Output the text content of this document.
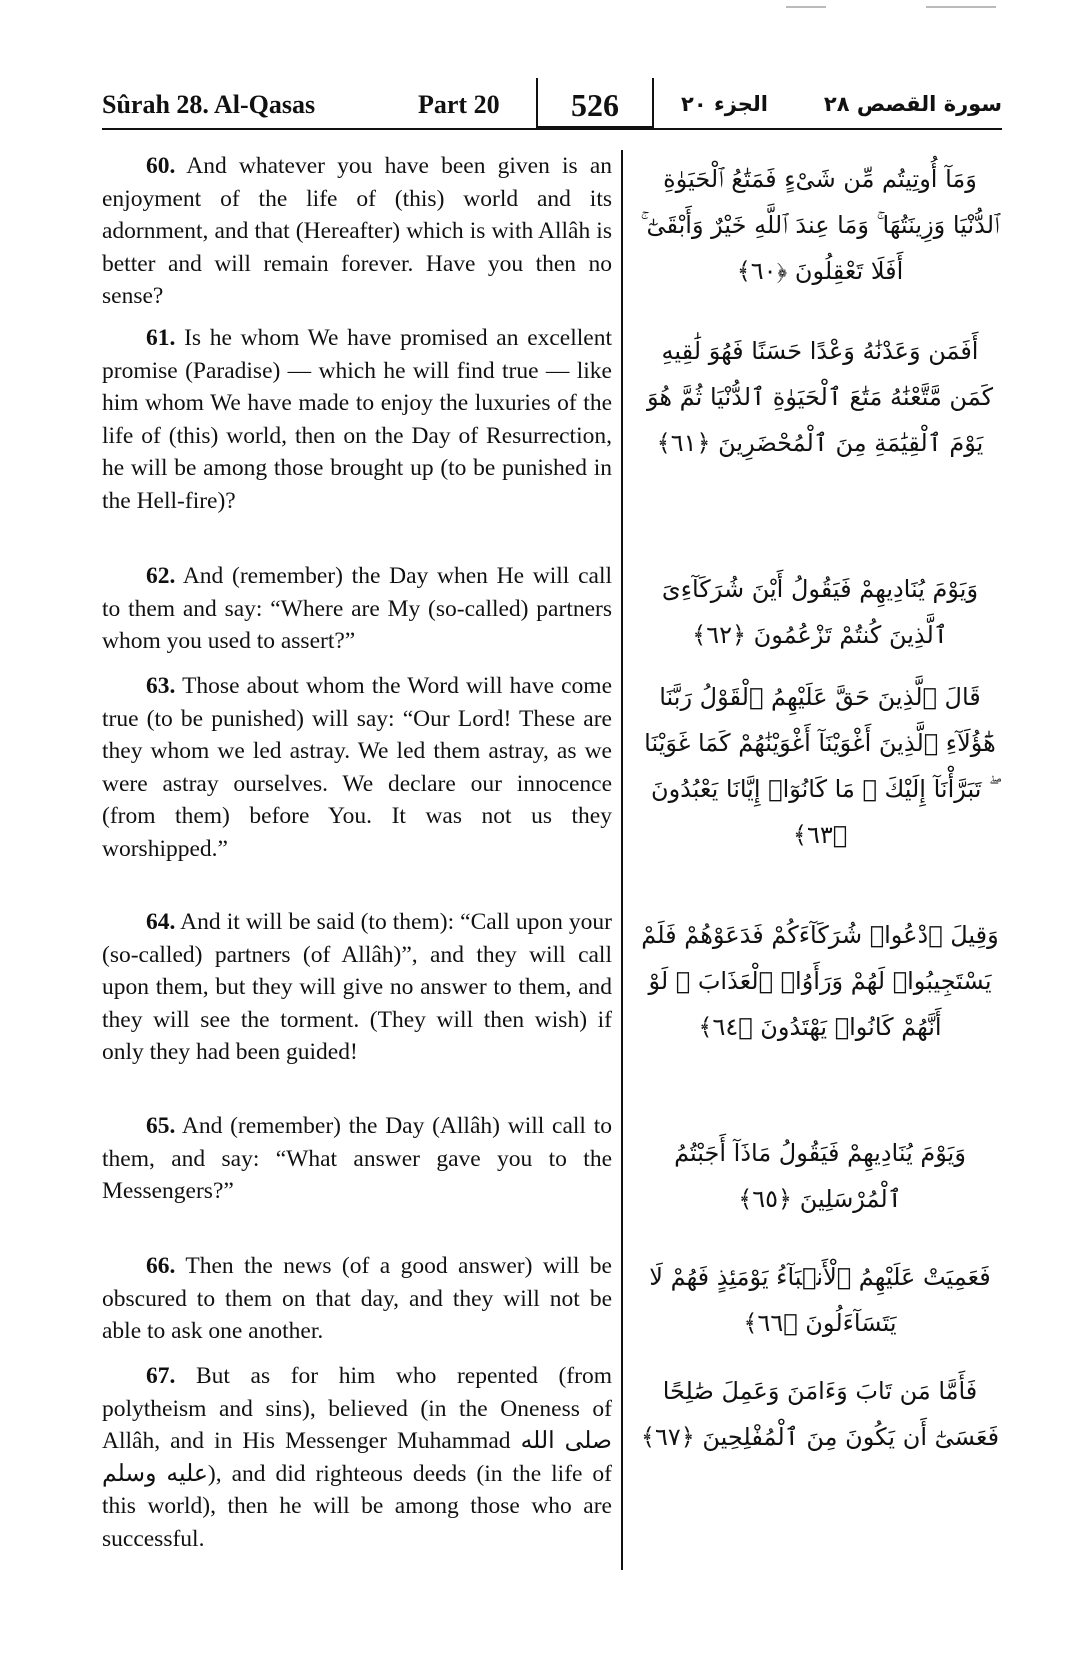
Sûrah 28. Al-Qasas	Part 20	526	الجزء ٢٠	سورة القصص ٢٨
60. And whatever you have been given is an enjoyment of the life of (this) world and its adornment, and that (Hereafter) which is with Allâh is better and will remain forever. Have you then no sense?
وَمَآ أُوتِيتُم مِّن شَىْءٍ فَمَتَٰعُ ٱلْحَيَوٰةِ ٱلدُّنْيَا وَزِينَتُهَا ۚ وَمَا عِندَ ٱللَّهِ خَيْرٌ وَأَبْقَىٰٓ ۚ أَفَلَا تَعْقِلُونَ ﴿٦٠﴾
61. Is he whom We have promised an excellent promise (Paradise) — which he will find true — like him whom We have made to enjoy the luxuries of the life of (this) world, then on the Day of Resurrection, he will be among those brought up (to be punished in the Hell-fire)?
أَفَمَن وَعَدْنَٰهُ وَعْدًا حَسَنًا فَهُوَ لَٰقِيهِ كَمَن مَّتَّعْنَٰهُ مَتَٰعَ ٱلْحَيَوٰةِ ٱلدُّنْيَا ثُمَّ هُوَ يَوْمَ ٱلْقِيَٰمَةِ مِنَ ٱلْمُحْضَرِينَ ﴿٦١﴾
62. And (remember) the Day when He will call to them and say: “Where are My (so-called) partners whom you used to assert?”
وَيَوْمَ يُنَادِيهِمْ فَيَقُولُ أَيْنَ شُرَكَآءِىَ ٱلَّذِينَ كُنتُمْ تَزْعُمُونَ ﴿٦٢﴾
63. Those about whom the Word will have come true (to be punished) will say: “Our Lord! These are they whom we led astray. We led them astray, as we were astray ourselves. We declare our innocence (from them) before You. It was not us they worshipped.”
قَالَ ٱلَّذِينَ حَقَّ عَلَيْهِمُ ٱلْقَوْلُ رَبَّنَا هَٰٓؤُلَآءِ ٱلَّذِينَ أَغْوَيْنَآ أَغْوَيْنَٰهُمْ كَمَا غَوَيْنَا ۖ تَبَرَّأْنَآ إِلَيْكَ ۖ مَا كَانُوٓا۟ إِيَّانَا يَعْبُدُونَ ﴿٦٣﴾
64. And it will be said (to them): “Call upon your (so-called) partners (of Allâh)”, and they will call upon them, but they will give no answer to them, and they will see the torment. (They will then wish) if only they had been guided!
وَقِيلَ ٱدْعُوا۟ شُرَكَآءَكُمْ فَدَعَوْهُمْ فَلَمْ يَسْتَجِيبُوا۟ لَهُمْ وَرَأَوُا۟ ٱلْعَذَابَ ۚ لَوْ أَنَّهُمْ كَانُوا۟ يَهْتَدُونَ ﴿٦٤﴾
65. And (remember) the Day (Allâh) will call to them, and say: “What answer gave you to the Messengers?”
وَيَوْمَ يُنَادِيهِمْ فَيَقُولُ مَاذَآ أَجَبْتُمُ ٱلْمُرْسَلِينَ ﴿٦٥﴾
66. Then the news (of a good answer) will be obscured to them on that day, and they will not be able to ask one another.
فَعَمِيَتْ عَلَيْهِمُ ٱلْأَنۢبَآءُ يَوْمَئِذٍ فَهُمْ لَا يَتَسَآءَلُونَ ﴿٦٦﴾
67. But as for him who repented (from polytheism and sins), believed (in the Oneness of Allâh, and in His Messenger Muhammad صلى الله عليه وسلم), and did righteous deeds (in the life of this world), then he will be among those who are successful.
فَأَمَّا مَن تَابَ وَءَامَنَ وَعَمِلَ صَٰلِحًا فَعَسَىٰٓ أَن يَكُونَ مِنَ ٱلْمُفْلِحِينَ ﴿٦٧﴾
